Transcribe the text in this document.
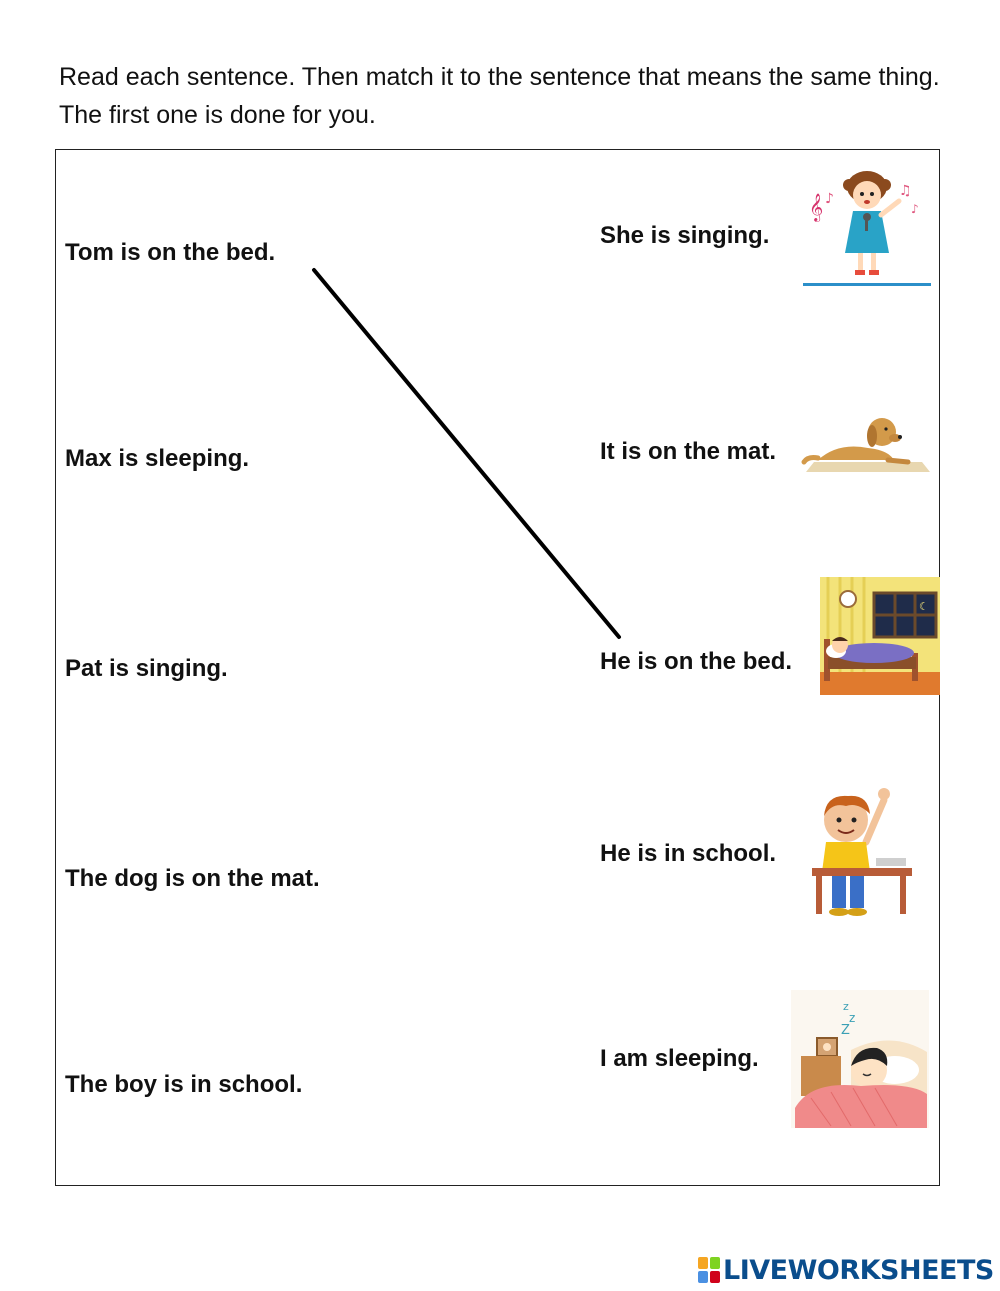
Read each sentence. Then match it to the sentence that means the same thing. The first one is done for you.
Tom is on the bed.
Max is sleeping.
Pat is singing.
The dog is on the mat.
The boy is in school.
She is singing.
It is on the mat.
He is on the bed.
He is in school.
I am sleeping.
𝄞 ♪	♫
♪
☾
z
z
Z
LIVEWORKSHEETS
